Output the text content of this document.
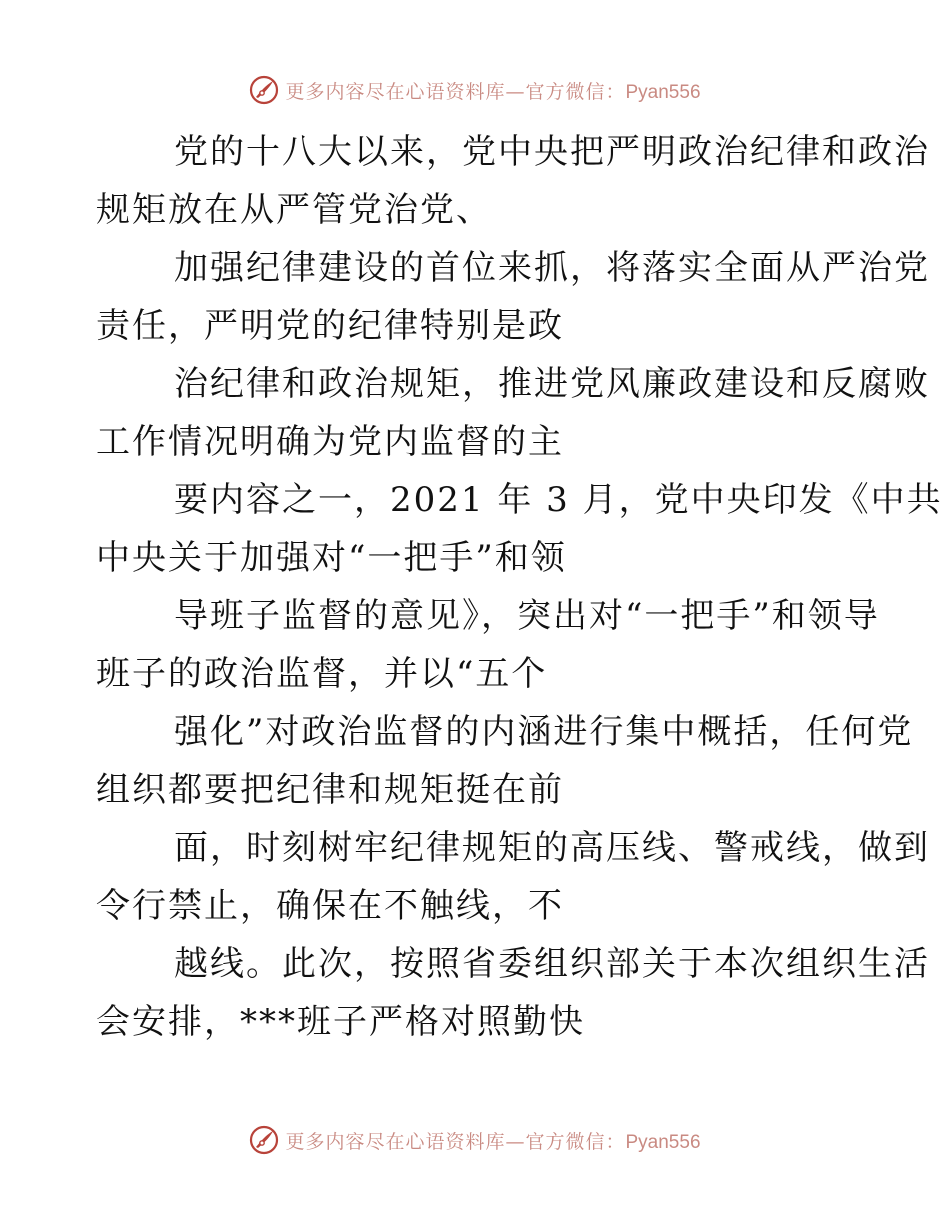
更多内容尽在心语资料库—官方微信：Pyan556
党的十八大以来，党中央把严明政治纪律和政治
规矩放在从严管党治党、
加强纪律建设的首位来抓，将落实全面从严治党
责任，严明党的纪律特别是政
治纪律和政治规矩，推进党风廉政建设和反腐败
工作情况明确为党内监督的主
要内容之一，2021 年 3 月，党中央印发《中共
中央关于加强对“一把手”和领
导班子监督的意见》，突出对“一把手”和领导
班子的政治监督，并以“五个
强化”对政治监督的内涵进行集中概括，任何党
组织都要把纪律和规矩挺在前
面，时刻树牢纪律规矩的高压线、警戒线，做到
令行禁止，确保在不触线，不
越线。此次，按照省委组织部关于本次组织生活
会安排，***班子严格对照勤快
更多内容尽在心语资料库—官方微信：Pyan556
